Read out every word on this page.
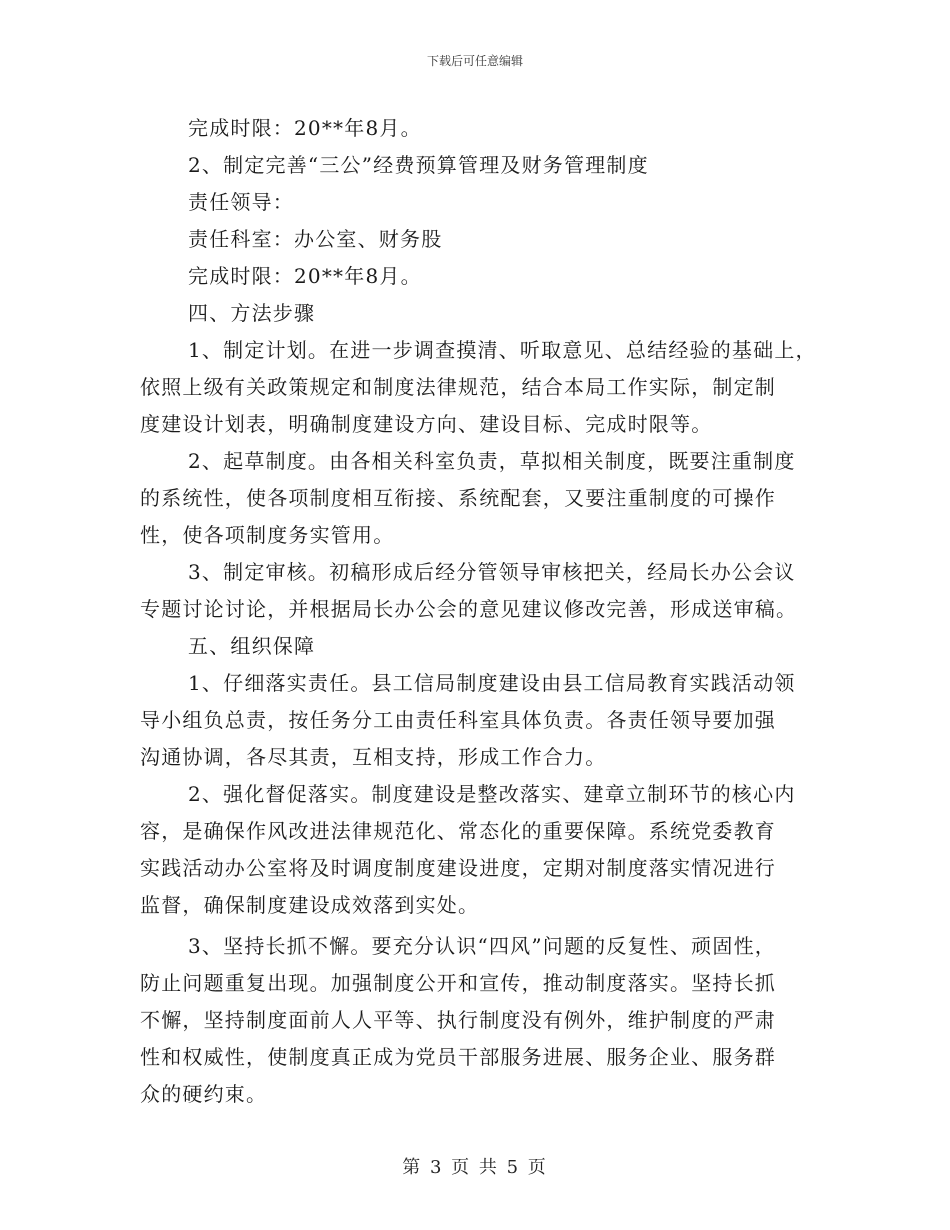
下载后可任意编辑
完成时限：20**年8月。
2、制定完善“三公”经费预算管理及财务管理制度
责任领导：
责任科室：办公室、财务股
完成时限：20**年8月。
四、方法步骤
1、制定计划。在进一步调查摸清、听取意见、总结经验的基础上，
依照上级有关政策规定和制度法律规范，结合本局工作实际，制定制
度建设计划表，明确制度建设方向、建设目标、完成时限等。
2、起草制度。由各相关科室负责，草拟相关制度，既要注重制度
的系统性，使各项制度相互衔接、系统配套，又要注重制度的可操作
性，使各项制度务实管用。
3、制定审核。初稿形成后经分管领导审核把关，经局长办公会议
专题讨论讨论，并根据局长办公会的意见建议修改完善，形成送审稿。
五、组织保障
1、仔细落实责任。县工信局制度建设由县工信局教育实践活动领
导小组负总责，按任务分工由责任科室具体负责。各责任领导要加强
沟通协调，各尽其责，互相支持，形成工作合力。
2、强化督促落实。制度建设是整改落实、建章立制环节的核心内
容，是确保作风改进法律规范化、常态化的重要保障。系统党委教育
实践活动办公室将及时调度制度建设进度，定期对制度落实情况进行
监督，确保制度建设成效落到实处。
3、坚持长抓不懈。要充分认识“四风”问题的反复性、顽固性，
防止问题重复出现。加强制度公开和宣传，推动制度落实。坚持长抓
不懈，坚持制度面前人人平等、执行制度没有例外，维护制度的严肃
性和权威性，使制度真正成为党员干部服务进展、服务企业、服务群
众的硬约束。
第 3 页 共 5 页
